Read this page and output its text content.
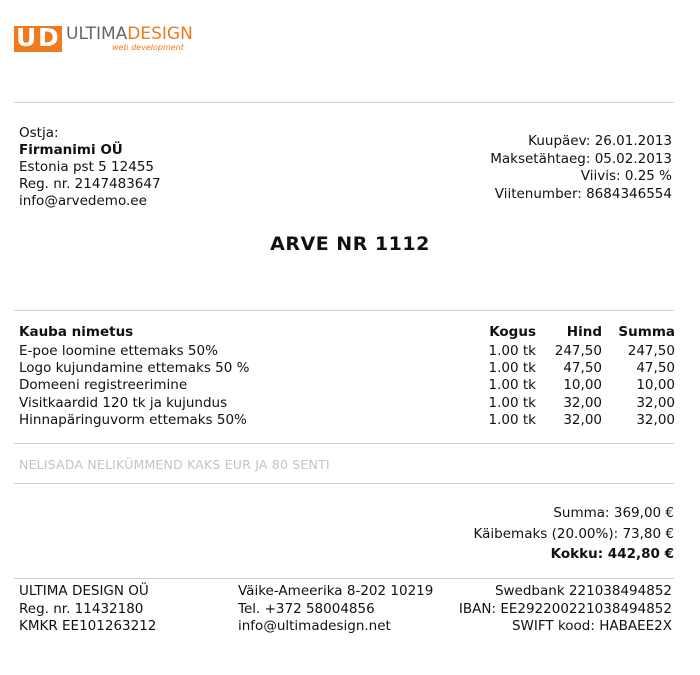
U D ULTIMADESIGN
web development
Ostja:
Firmanimi OÜ
Estonia pst 5 12455
Reg. nr. 2147483647
info@arvedemo.ee
Kuupäev: 26.01.2013
Maksetähtaeg: 05.02.2013
Viivis: 0.25 %
Viitenumber: 8684346554
ARVE NR 1112
Kauba nimetus	Kogus	Hind	Summa
E-poe loomine ettemaks 50%	1.00 tk	247,50	247,50
Logo kujundamine ettemaks 50 %	1.00 tk	47,50	47,50
Domeeni registreerimine	1.00 tk	10,00	10,00
Visitkaardid 120 tk ja kujundus	1.00 tk	32,00	32,00
Hinnapäringuvorm ettemaks 50%	1.00 tk	32,00	32,00
NELISADA NELIKÜMMEND KAKS EUR JA 80 SENTI
Summa: 369,00 €
Käibemaks (20.00%): 73,80 €
Kokku: 442,80 €
ULTIMA DESIGN OÜ
Reg. nr. 11432180
KMKR EE101263212
Väike-Ameerika 8-202 10219
Tel. +372 58004856
info@ultimadesign.net
Swedbank 221038494852
IBAN: EE292200221038494852
SWIFT kood: HABAEE2X
